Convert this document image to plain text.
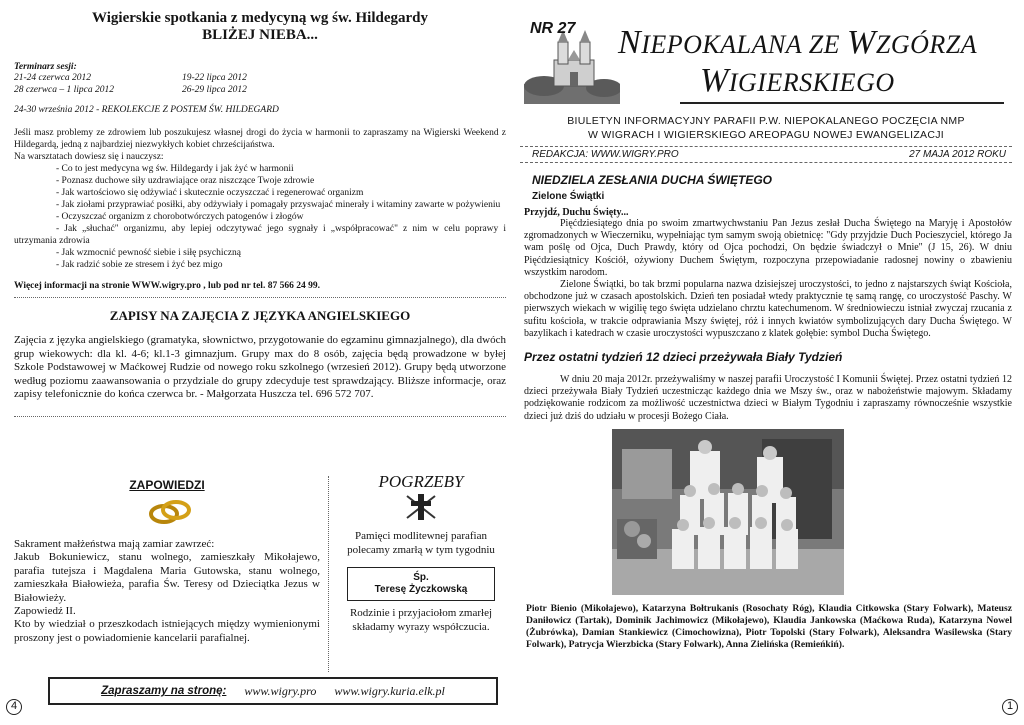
Wigierskie spotkania z medycyną wg św. Hildegardy
BLIŻEJ NIEBA...
Terminarz sesji:
21-24 czerwca 2012	19-22 lipca 2012
28 czerwca – 1 lipca 2012	26-29 lipca 2012
24-30 września 2012 - REKOLEKCJE Z POSTEM ŚW. HILDEGARD
Jeśli masz problemy ze zdrowiem lub poszukujesz własnej drogi do życia w harmonii to zapraszamy na Wigierski Weekend z Hildegardą, jedną z najbardziej niezwykłych kobiet chrześcijaństwa.
Na warsztatach dowiesz się i nauczysz:
- Co to jest medycyna wg św. Hildegardy i jak żyć w harmonii
- Poznasz duchowe siły uzdrawiające oraz niszczące Twoje zdrowie
- Jak wartościowo się odżywiać i skutecznie oczyszczać i regenerować organizm
- Jak ziołami przyprawiać posiłki, aby odżywiały i pomagały przyswajać minerały i witaminy zawarte w pożywieniu
- Oczyszczać organizm z chorobotwórczych patogenów i złogów
- Jak „słuchać" organizmu, aby lepiej odczytywać jego sygnały i „współpracować" z nim w celu poprawy i utrzymania zdrowia
- Jak wzmocnić pewność siebie i siłę psychiczną
- Jak radzić sobie ze stresem i żyć bez migo
Więcej informacji na stronie WWW.wigry.pro , lub pod nr tel. 87 566 24 99.
ZAPISY NA ZAJĘCIA Z JĘZYKA ANGIELSKIEGO
Zajęcia z języka angielskiego (gramatyka, słownictwo, przygotowanie do egzaminu gimnazjalnego), dla dwóch grup wiekowych: dla kl. 4-6; kl.1-3 gimnazjum. Grupy max do 8 osób, zajęcia będą prowadzone w byłej Szkole Podstawowej w Maćkowej Rudzie od nowego roku szkolnego (wrzesień 2012). Grupy będą utworzone według poziomu zaawansowania o przydziale do grupy zdecyduje test sprawdzający. Bliższe informacje, oraz zapisy telefonicznie do końca czerwca br. - Małgorzata Huszcza tel. 696 572 707.
ZAPOWIEDZI
Sakrament małżeństwa mają zamiar zawrzeć:
Jakub Bokuniewicz, stanu wolnego, zamieszkały Mikołajewo, parafia tutejsza i Magdalena Maria Gutowska, stanu wolnego, zamieszkała Białowieża, parafia Św. Teresy od Dzieciątka Jezus w Białowieży.
Zapowiedź II.
Kto by wiedział o przeszkodach istniejących między wymienionymi proszony jest o powiadomienie kancelarii parafialnej.
POGRZEBY
Pamięci modlitewnej parafian polecamy zmarłą w tym tygodniu
Śp.
Teresę Życzkowską
Rodzinie i przyjaciołom zmarłej składamy wyrazy współczucia.
Zapraszamy na stronę: www.wigry.pro www.wigry.kuria.elk.pl
4
NR 27 NIEPOKALANA ZE WZGÓRZA
WIGIERSKIEGO
BIULETYN INFORMACYJNY PARAFII P.W. NIEPOKALANEGO POCZĘCIA NMP
W WIGRACH I WIGIERSKIEGO AREOPAGU NOWEJ EWANGELIZACJI
REDAKCJA: WWW.WIGRY.PRO	27 MAJA 2012 ROKU
NIEDZIELA ZESŁANIA DUCHA ŚWIĘTEGO
Zielone Świątki
Przyjdź, Duchu Święty...
Pięćdziesiątego dnia po swoim zmartwychwstaniu Pan Jezus zesłał Ducha Świętego na Maryję i Apostołów zgromadzonych w Wieczerniku, wypełniając tym samym swoją obietnicę: "Gdy przyjdzie Duch Pocieszyciel, którego Ja wam poślę od Ojca, Duch Prawdy, który od Ojca pochodzi, On będzie świadczył o Mnie" (J 15, 26). W dniu Pięćdziesiątnicy Kościół, ożywiony Duchem Świętym, rozpoczyna przepowiadanie radosnej nowiny o zbawieniu wszystkim narodom.
Zielone Świątki, bo tak brzmi popularna nazwa dzisiejszej uroczystości, to jedno z najstarszych świąt Kościoła, obchodzone już w czasach apostolskich. Dzień ten posiadał wtedy praktycznie tę samą rangę, co uroczystość Paschy. W pierwszych wiekach w wigilię tego święta udzielano chrztu katechumenom. W średniowieczu istniał zwyczaj rzucania z sufitu kościoła, w trakcie odprawiania Mszy świętej, róż i innych kwiatów symbolizujących dary Ducha Świętego. W bazylikach i katedrach w czasie uroczystości wypuszczano z klatek gołębie: symbol Ducha Świętego.
Przez ostatni tydzień 12 dzieci przeżywała Biały Tydzień
W dniu 20 maja 2012r. przeżywaliśmy w naszej parafii Uroczystość I Komunii Świętej. Przez ostatni tydzień 12 dzieci przeżywała Biały Tydzień uczestnicząc każdego dnia we Mszy św., oraz w nabożeństwie majowym. Składamy podziękowanie rodzicom za możliwość uczestnictwa dzieci w Białym Tygodniu i zapraszamy równocześnie wszystkie dzieci już dziś do udziału w procesji Bożego Ciała.
Piotr Bienio (Mikołajewo), Katarzyna Bołtrukanis (Rosochaty Róg), Klaudia Citkowska (Stary Folwark), Mateusz Daniłowicz (Tartak), Dominik Jachimowicz (Mikołajewo), Klaudia Jankowska (Maćkowa Ruda), Katarzyna Nowel (Żubrówka), Damian Stankiewicz (Cimochowizna), Piotr Topolski (Stary Folwark), Aleksandra Wasilewska (Stary Folwark), Patrycja Wierzbicka (Stary Folwark), Anna Zielińska (Remieńkiń).
1
